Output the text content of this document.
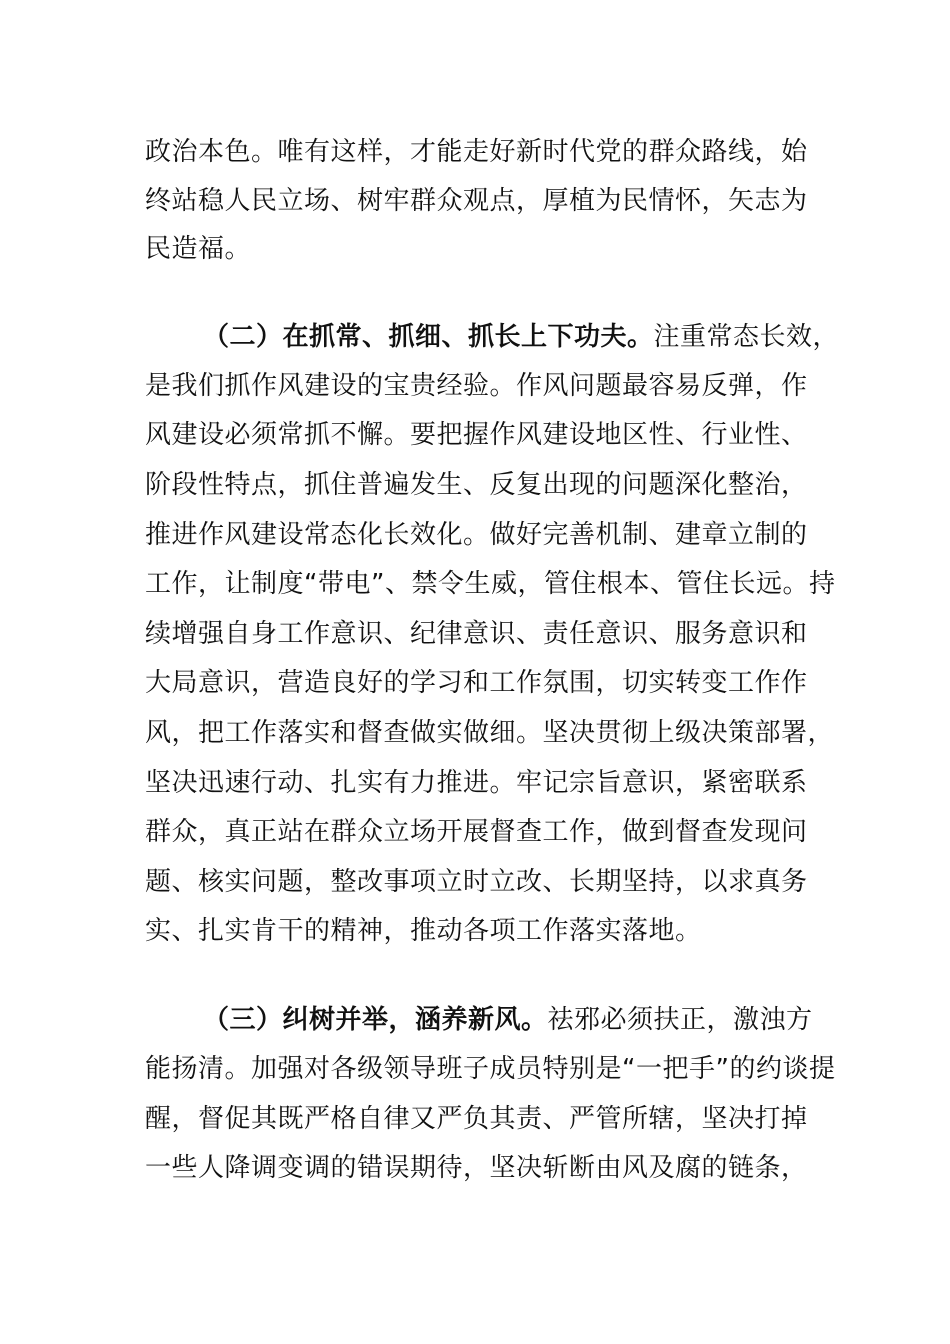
政治本色。唯有这样，才能走好新时代党的群众路线，始
终站稳人民立场、树牢群众观点，厚植为民情怀，矢志为
民造福。
（二）在抓常、抓细、抓长上下功夫。注重常态长效，
是我们抓作风建设的宝贵经验。作风问题最容易反弹，作
风建设必须常抓不懈。要把握作风建设地区性、行业性、
阶段性特点，抓住普遍发生、反复出现的问题深化整治，
推进作风建设常态化长效化。做好完善机制、建章立制的
工作，让制度“带电”、禁令生威，管住根本、管住长远。持
续增强自身工作意识、纪律意识、责任意识、服务意识和
大局意识，营造良好的学习和工作氛围，切实转变工作作
风，把工作落实和督查做实做细。坚决贯彻上级决策部署，
坚决迅速行动、扎实有力推进。牢记宗旨意识，紧密联系
群众，真正站在群众立场开展督查工作，做到督查发现问
题、核实问题，整改事项立时立改、长期坚持，以求真务
实、扎实肯干的精神，推动各项工作落实落地。
（三）纠树并举，涵养新风。祛邪必须扶正，激浊方
能扬清。加强对各级领导班子成员特别是“一把手”的约谈提
醒，督促其既严格自律又严负其责、严管所辖，坚决打掉
一些人降调变调的错误期待，坚决斩断由风及腐的链条，
